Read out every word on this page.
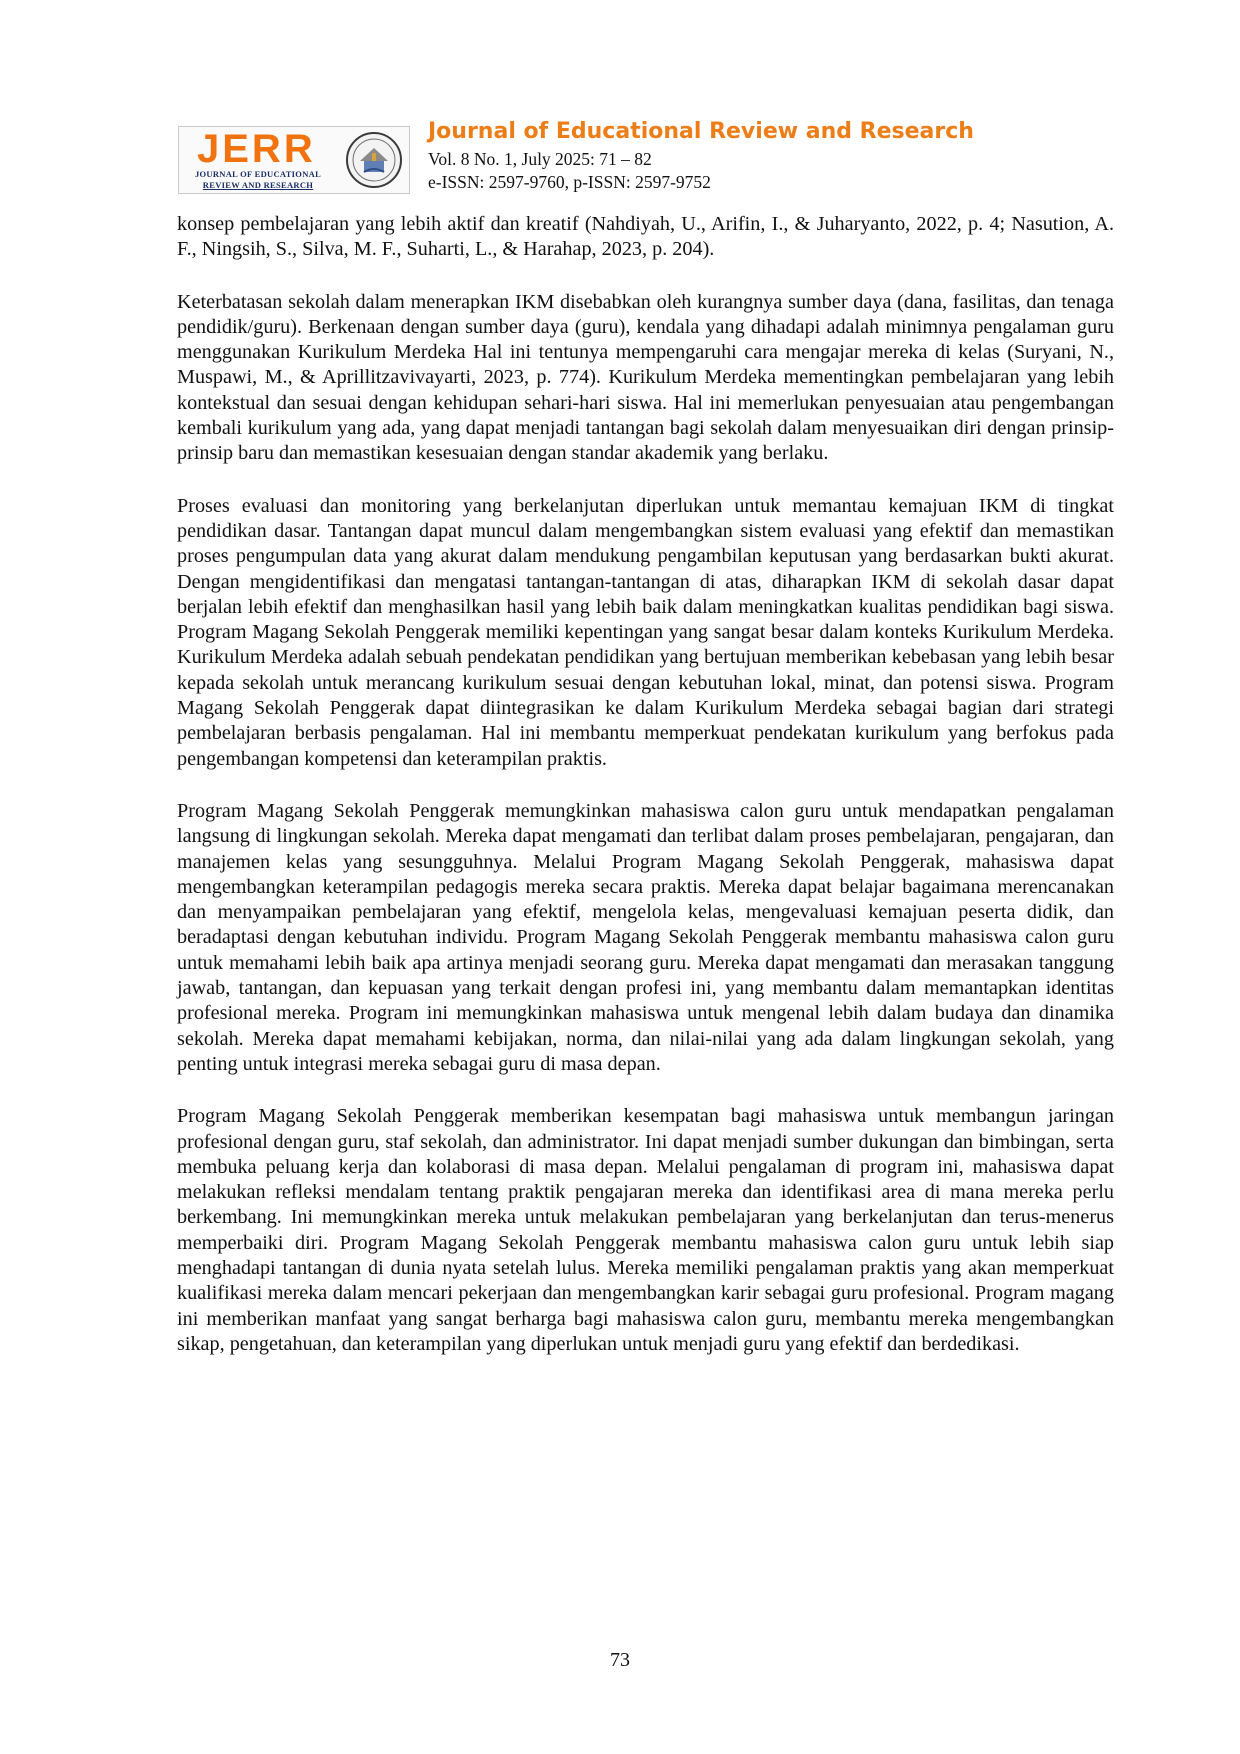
JERR
JOURNAL OF EDUCATIONAL
REVIEW AND RESEARCH
Journal of Educational Review and Research
Vol. 8 No. 1, July 2025: 71 – 82
e-ISSN: 2597-9760, p-ISSN: 2597-9752

konsep pembelajaran yang lebih aktif dan kreatif (Nahdiyah, U., Arifin, I., & Juharyanto, 2022, p. 4; Nasution, A. F., Ningsih, S., Silva, M. F., Suharti, L., & Harahap, 2023, p. 204).

Keterbatasan sekolah dalam menerapkan IKM disebabkan oleh kurangnya sumber daya (dana, fasilitas, dan tenaga pendidik/guru). Berkenaan dengan sumber daya (guru), kendala yang dihadapi adalah minimnya pengalaman guru menggunakan Kurikulum Merdeka Hal ini tentunya mempengaruhi cara mengajar mereka di kelas (Suryani, N., Muspawi, M., & Aprillitzavivayarti, 2023, p. 774). Kurikulum Merdeka mementingkan pembelajaran yang lebih kontekstual dan sesuai dengan kehidupan sehari-hari siswa. Hal ini memerlukan penyesuaian atau pengembangan kembali kurikulum yang ada, yang dapat menjadi tantangan bagi sekolah dalam menyesuaikan diri dengan prinsip-prinsip baru dan memastikan kesesuaian dengan standar akademik yang berlaku.

Proses evaluasi dan monitoring yang berkelanjutan diperlukan untuk memantau kemajuan IKM di tingkat pendidikan dasar. Tantangan dapat muncul dalam mengembangkan sistem evaluasi yang efektif dan memastikan proses pengumpulan data yang akurat dalam mendukung pengambilan keputusan yang berdasarkan bukti akurat. Dengan mengidentifikasi dan mengatasi tantangan-tantangan di atas, diharapkan IKM di sekolah dasar dapat berjalan lebih efektif dan menghasilkan hasil yang lebih baik dalam meningkatkan kualitas pendidikan bagi siswa. Program Magang Sekolah Penggerak memiliki kepentingan yang sangat besar dalam konteks Kurikulum Merdeka. Kurikulum Merdeka adalah sebuah pendekatan pendidikan yang bertujuan memberikan kebebasan yang lebih besar kepada sekolah untuk merancang kurikulum sesuai dengan kebutuhan lokal, minat, dan potensi siswa. Program Magang Sekolah Penggerak dapat diintegrasikan ke dalam Kurikulum Merdeka sebagai bagian dari strategi pembelajaran berbasis pengalaman. Hal ini membantu memperkuat pendekatan kurikulum yang berfokus pada pengembangan kompetensi dan keterampilan praktis.

Program Magang Sekolah Penggerak memungkinkan mahasiswa calon guru untuk mendapatkan pengalaman langsung di lingkungan sekolah. Mereka dapat mengamati dan terlibat dalam proses pembelajaran, pengajaran, dan manajemen kelas yang sesungguhnya. Melalui Program Magang Sekolah Penggerak, mahasiswa dapat mengembangkan keterampilan pedagogis mereka secara praktis. Mereka dapat belajar bagaimana merencanakan dan menyampaikan pembelajaran yang efektif, mengelola kelas, mengevaluasi kemajuan peserta didik, dan beradaptasi dengan kebutuhan individu. Program Magang Sekolah Penggerak membantu mahasiswa calon guru untuk memahami lebih baik apa artinya menjadi seorang guru. Mereka dapat mengamati dan merasakan tanggung jawab, tantangan, dan kepuasan yang terkait dengan profesi ini, yang membantu dalam memantapkan identitas profesional mereka. Program ini memungkinkan mahasiswa untuk mengenal lebih dalam budaya dan dinamika sekolah. Mereka dapat memahami kebijakan, norma, dan nilai-nilai yang ada dalam lingkungan sekolah, yang penting untuk integrasi mereka sebagai guru di masa depan.

Program Magang Sekolah Penggerak memberikan kesempatan bagi mahasiswa untuk membangun jaringan profesional dengan guru, staf sekolah, dan administrator. Ini dapat menjadi sumber dukungan dan bimbingan, serta membuka peluang kerja dan kolaborasi di masa depan. Melalui pengalaman di program ini, mahasiswa dapat melakukan refleksi mendalam tentang praktik pengajaran mereka dan identifikasi area di mana mereka perlu berkembang. Ini memungkinkan mereka untuk melakukan pembelajaran yang berkelanjutan dan terus-menerus memperbaiki diri. Program Magang Sekolah Penggerak membantu mahasiswa calon guru untuk lebih siap menghadapi tantangan di dunia nyata setelah lulus. Mereka memiliki pengalaman praktis yang akan memperkuat kualifikasi mereka dalam mencari pekerjaan dan mengembangkan karir sebagai guru profesional. Program magang ini memberikan manfaat yang sangat berharga bagi mahasiswa calon guru, membantu mereka mengembangkan sikap, pengetahuan, dan keterampilan yang diperlukan untuk menjadi guru yang efektif dan berdedikasi.

73
